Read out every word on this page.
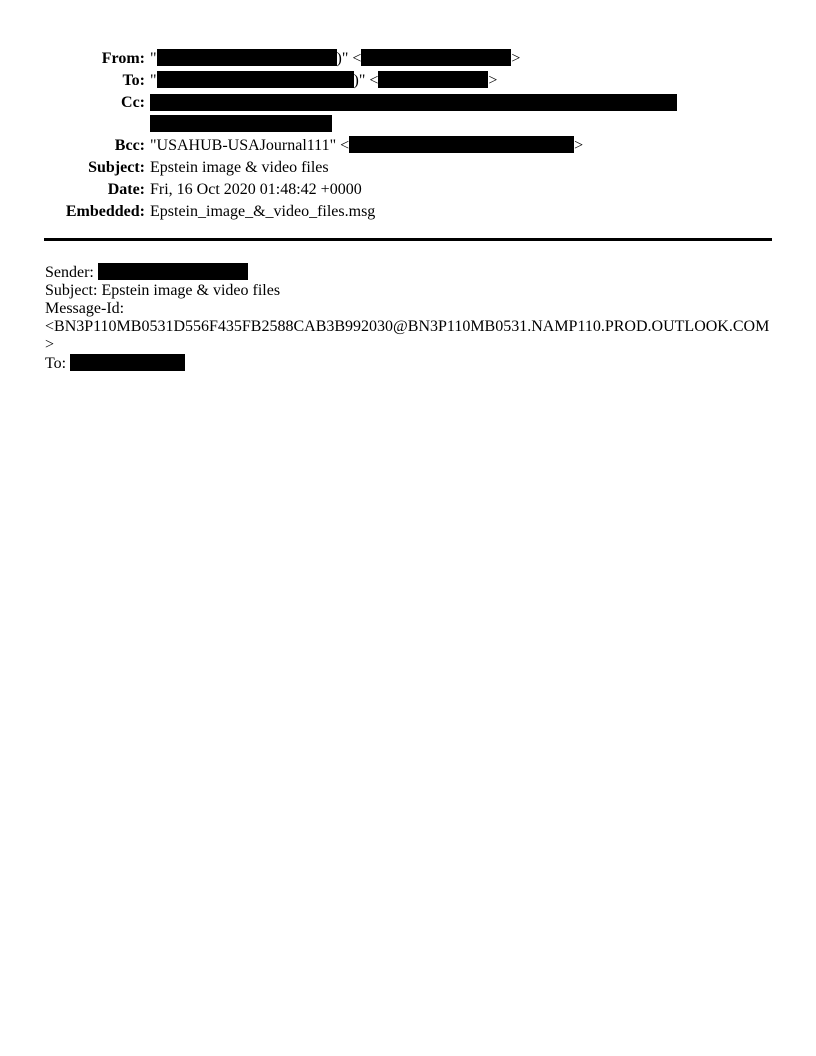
From: "	)" <	>
To: "	)" <	>
Cc:

Bcc: "USAHUB-USAJournal111" <	>
Subject: Epstein image & video files
Date: Fri, 16 Oct 2020 01:48:42 +0000
Embedded: Epstein_image_&_video_files.msg
Sender:
Subject: Epstein image & video files
Message-Id:
<BN3P110MB0531D556F435FB2588CAB3B992030@BN3P110MB0531.NAMP110.PROD.OUTLOOK.COM
>
To:
